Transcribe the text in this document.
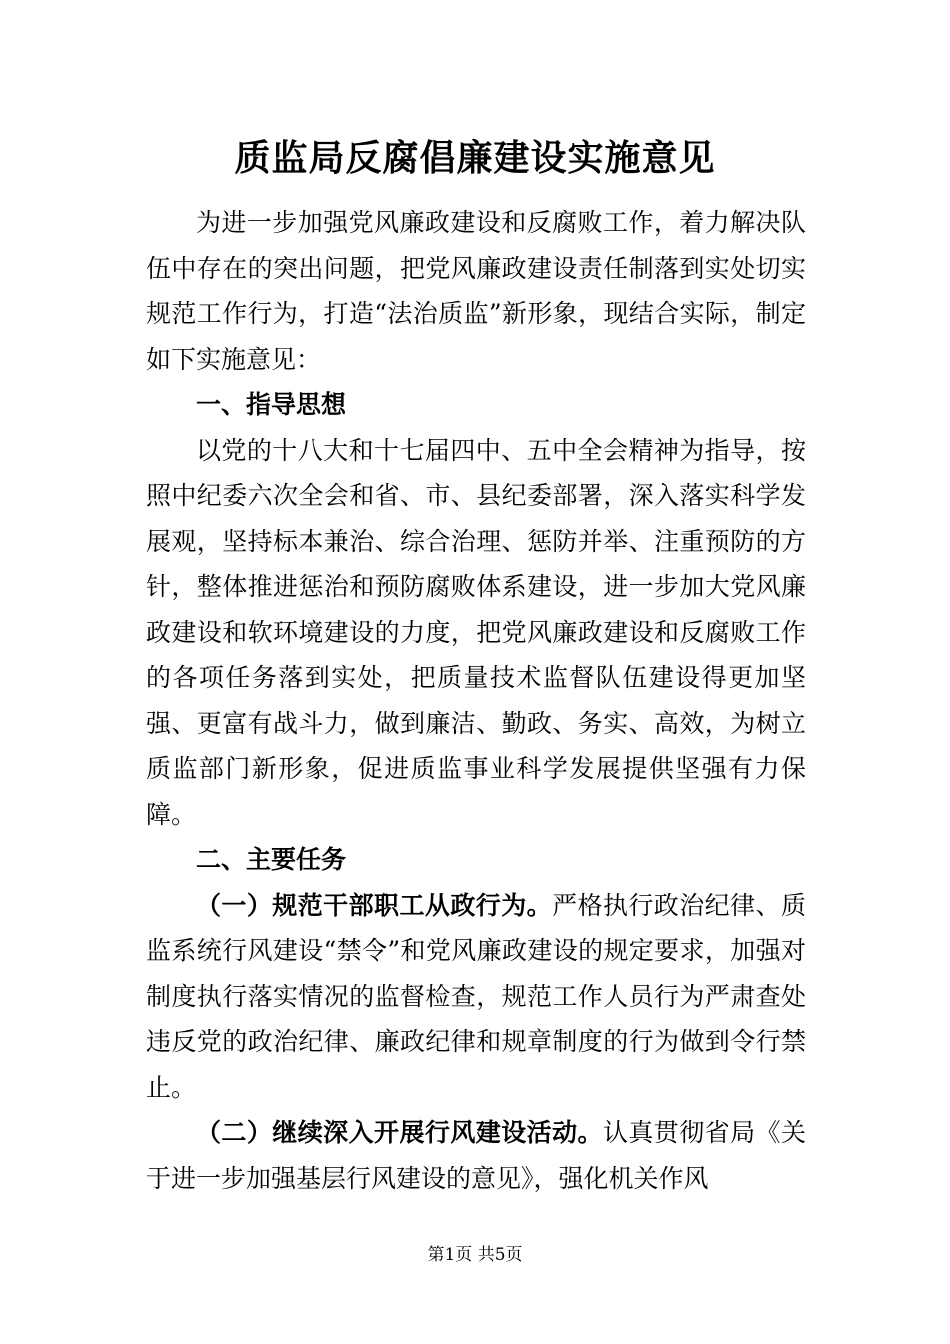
质监局反腐倡廉建设实施意见

为进一步加强党风廉政建设和反腐败工作，着力解决队伍中存在的突出问题，把党风廉政建设责任制落到实处切实规范工作行为，打造“法治质监”新形象，现结合实际，制定如下实施意见：

一、指导思想

以党的十八大和十七届四中、五中全会精神为指导，按照中纪委六次全会和省、市、县纪委部署，深入落实科学发展观，坚持标本兼治、综合治理、惩防并举、注重预防的方针，整体推进惩治和预防腐败体系建设，进一步加大党风廉政建设和软环境建设的力度，把党风廉政建设和反腐败工作的各项任务落到实处，把质量技术监督队伍建设得更加坚强、更富有战斗力，做到廉洁、勤政、务实、高效，为树立质监部门新形象，促进质监事业科学发展提供坚强有力保障。

二、主要任务

（一）规范干部职工从政行为。严格执行政治纪律、质监系统行风建设“禁令”和党风廉政建设的规定要求，加强对制度执行落实情况的监督检查，规范工作人员行为严肃查处违反党的政治纪律、廉政纪律和规章制度的行为做到令行禁止。

（二）继续深入开展行风建设活动。认真贯彻省局《关于进一步加强基层行风建设的意见》，强化机关作风

第1页 共5页
